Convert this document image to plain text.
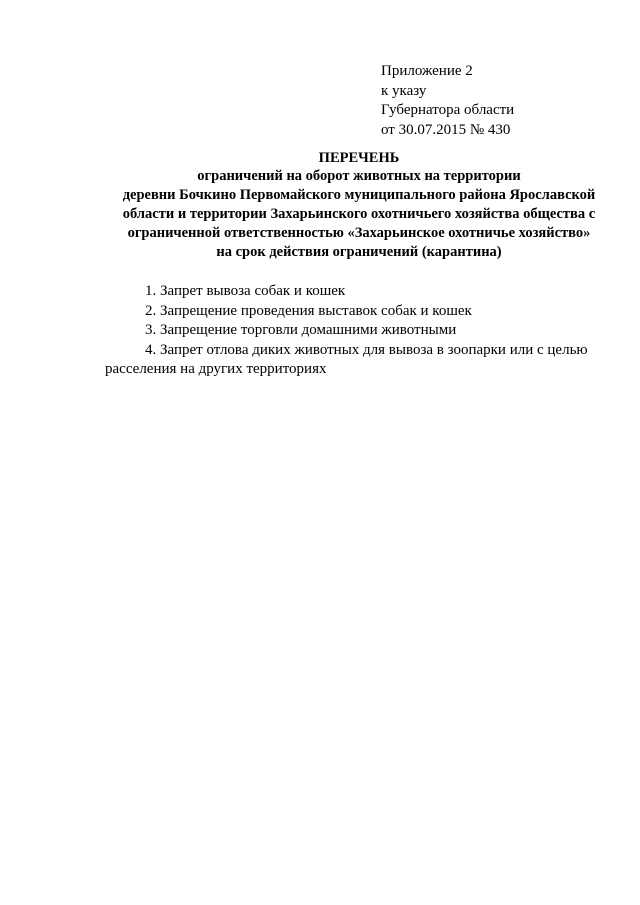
Приложение 2
к указу
Губернатора области
от 30.07.2015 № 430
ПЕРЕЧЕНЬ
ограничений на оборот животных на территории
деревни Бочкино Первомайского муниципального района Ярославской
области и территории Захарьинского охотничьего хозяйства общества с
ограниченной ответственностью «Захарьинское охотничье хозяйство»
на срок действия ограничений (карантина)
1. Запрет вывоза собак и кошек
2. Запрещение проведения выставок собак и кошек
3. Запрещение торговли домашними животными
4. Запрет отлова диких животных для вывоза в зоопарки или с целью
расселения на других территориях
